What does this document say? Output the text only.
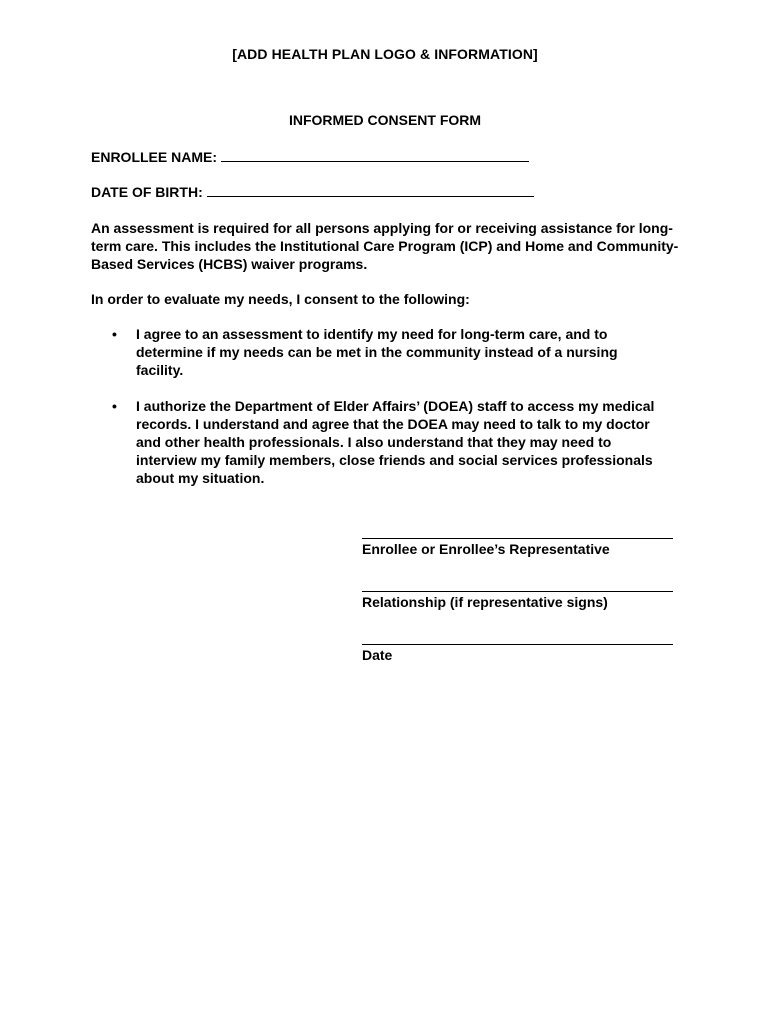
[ADD HEALTH PLAN LOGO & INFORMATION]
INFORMED CONSENT FORM
ENROLLEE NAME:
DATE OF BIRTH:
An assessment is required for all persons applying for or receiving assistance for long-term care. This includes the Institutional Care Program (ICP) and Home and Community-Based Services (HCBS) waiver programs.
In order to evaluate my needs, I consent to the following:
• I agree to an assessment to identify my need for long-term care, and to determine if my needs can be met in the community instead of a nursing facility.
• I authorize the Department of Elder Affairs’ (DOEA) staff to access my medical records. I understand and agree that the DOEA may need to talk to my doctor and other health professionals. I also understand that they may need to interview my family members, close friends and social services professionals about my situation.
Enrollee or Enrollee’s Representative
Relationship (if representative signs)
Date
